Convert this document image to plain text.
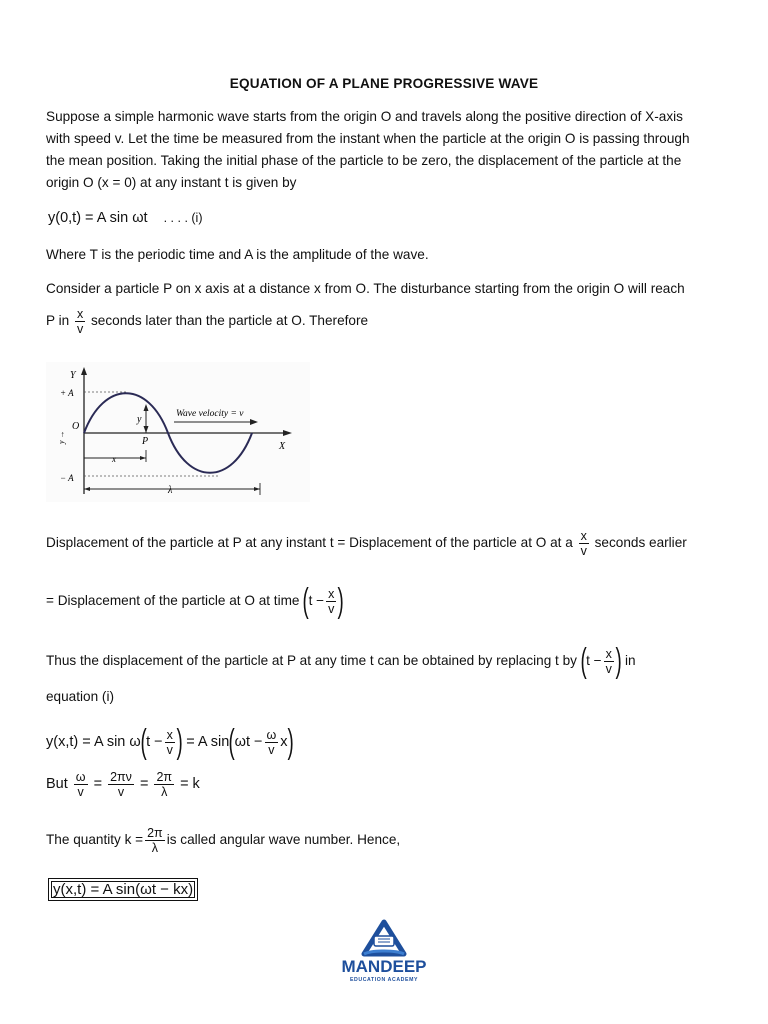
EQUATION OF A PLANE PROGRESSIVE WAVE
Suppose a simple harmonic wave starts from the origin O and travels along the positive direction of X-axis
with speed v. Let the time be measured from the instant when the particle at the origin O is passing through
the mean position. Taking the initial phase of the particle to be zero, the displacement of the particle at the
origin O (x = 0) at any instant t is given by
y(0,t) = A sin ωt . . . . (i)
Where T is the periodic time and A is the amplitude of the wave.
Consider a particle P on x axis at a distance x from O. The disturbance starting from the origin O will reach
P in $\frac{x}{v}$ seconds later than the particle at O. Therefore
Y
+ A
− A
O
y
P	X
x
λ
Wave velocity = v
y →
Displacement of the particle at P at any instant t = Displacement of the particle at O at a $\frac{x}{v}$ seconds earlier
= Displacement of the particle at O at time ($t - \frac{x}{v}$ )
Thus the displacement of the particle at P at any time t can be obtained by replacing t by ($t - \frac{x}{v}$ ) in
equation (i)
y(x,t) = A $\sin \omega(t - \frac{x}{v}$ ) = A $\sin(\omega t - \frac{\omega}{v} x)$
But $\frac{\omega}{v} = \frac{2\pi\nu}{v} = \frac{2\pi}{\lambda} = k$
The quantity $k = \frac{2\pi}{\lambda}$ is called angular wave number. Hence,
y(x,t) = A sin(ωt − kx)
MANDEEP
EDUCATION ACADEMY
